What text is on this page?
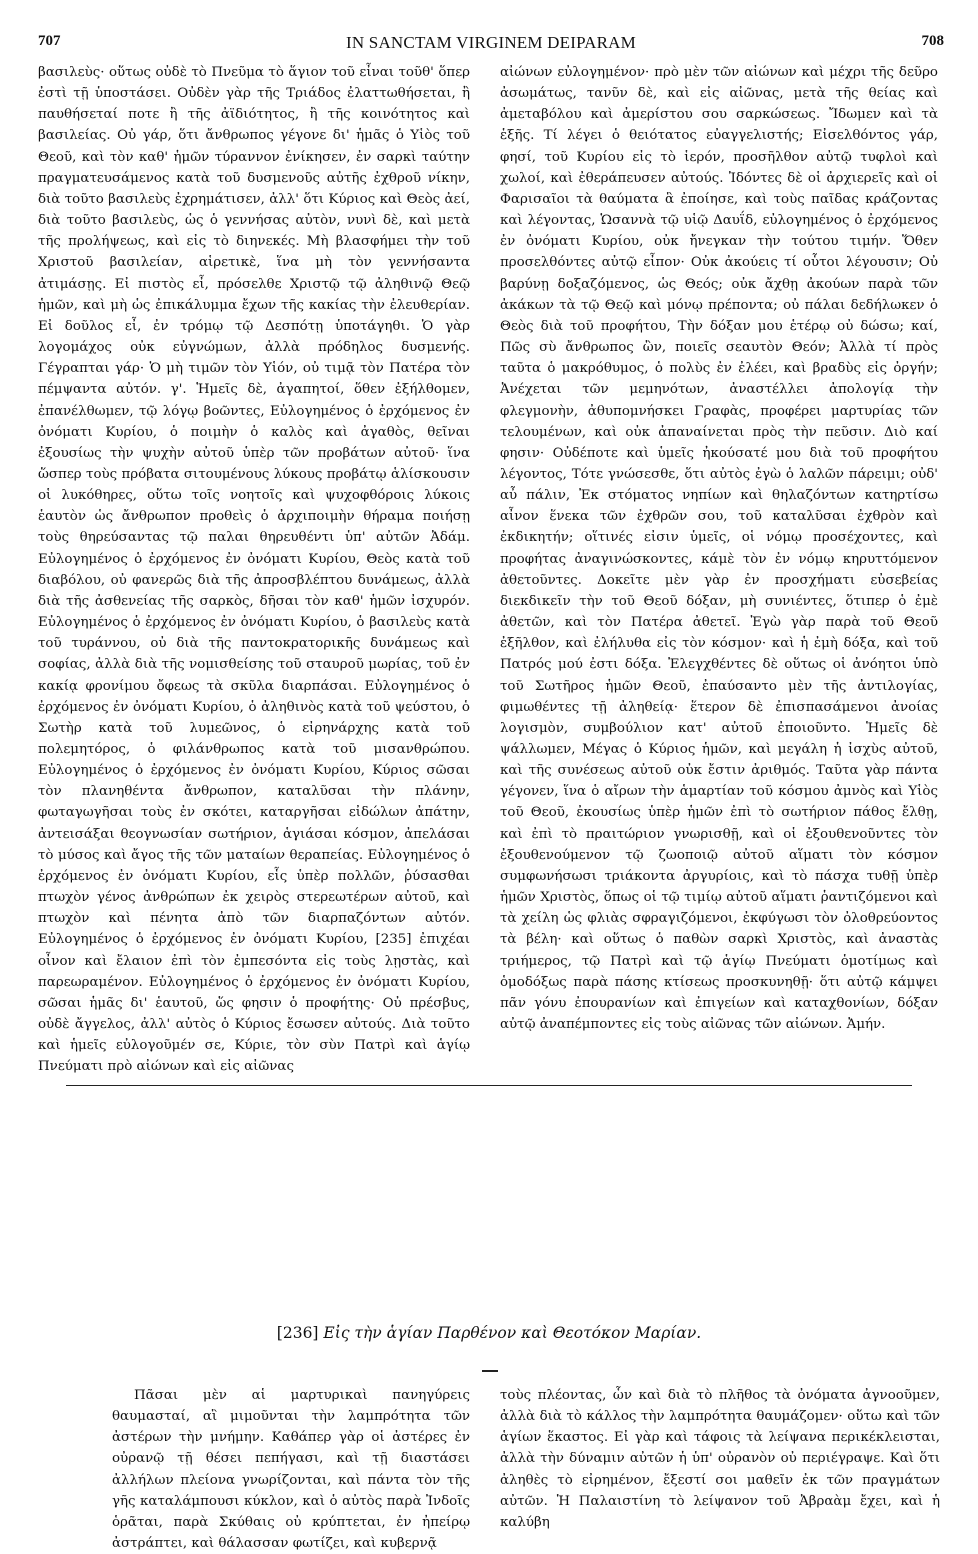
707	IN SANCTAM VIRGINEM DEIPARAM	708

βασιλεὺς· οὕτως οὐδὲ τὸ Πνεῦμα τὸ ἅγιον τοῦ εἶναι τοῦθ' ὅπερ ἐστὶ τῇ ὑποστάσει. Οὐδὲν γὰρ τῆς Τριάδος ἐλαττωθήσεται, ἢ παυθήσεταί ποτε ἢ τῆς ἀϊδιότητος, ἢ τῆς κοινότητος καὶ βασιλείας. Οὐ γάρ, ὅτι ἄνθρωπος γέγονε δι' ἡμᾶς ὁ Υἱὸς τοῦ Θεοῦ, καὶ τὸν καθ' ἡμῶν τύραννον ἐνίκησεν, ἐν σαρκὶ ταύτην πραγματευσάμενος κατὰ τοῦ δυσμενοῦς αὐτῆς ἐχθροῦ νίκην, διὰ τοῦτο βασιλεὺς ἐχρημάτισεν, ἀλλ' ὅτι Κύριος καὶ Θεὸς ἀεί, διὰ τοῦτο βασιλεὺς, ὡς ὁ γεννήσας αὐτὸν, νυνὶ δὲ, καὶ μετὰ τῆς προλήψεως, καὶ εἰς τὸ διηνεκές. Μὴ βλασφήμει τὴν τοῦ Χριστοῦ βασιλείαν, αἱρετικὲ, ἵνα μὴ τὸν γεννήσαντα ἀτιμάσῃς. Εἰ πιστὸς εἶ, πρόσελθε Χριστῷ τῷ ἀληθινῷ Θεῷ ἡμῶν, καὶ μὴ ὡς ἐπικάλυμμα ἔχων τῆς κακίας τὴν ἐλευθερίαν. Εἰ δοῦλος εἶ, ἐν τρόμῳ τῷ Δεσπότῃ ὑποτάγηθι. Ὁ γὰρ λογομάχος οὐκ εὐγνώμων, ἀλλὰ πρόδηλος δυσμενής. Γέγραπται γάρ· Ὁ μὴ τιμῶν τὸν Υἱόν, οὐ τιμᾷ τὸν Πατέρα τὸν πέμψαντα αὐτόν. γ'. Ἡμεῖς δὲ, ἀγαπητοί, ὅθεν ἐξήλθομεν, ἐπανέλθωμεν, τῷ λόγῳ βοῶντες, Εὐλογημένος ὁ ἐρχόμενος ἐν ὀνόματι Κυρίου, ὁ ποιμὴν ὁ καλὸς καὶ ἀγαθὸς, θεῖναι ἐξουσίως τὴν ψυχὴν αὐτοῦ ὑπὲρ τῶν προβάτων αὐτοῦ· ἵνα ὥσπερ τοὺς πρόβατα σιτουμένους λύκους προβάτῳ ἁλίσκουσιν οἱ λυκόθηρες, οὕτω τοῖς νοητοῖς καὶ ψυχοφθόροις λύκοις ἑαυτὸν ὡς ἄνθρωπον προθεὶς ὁ ἀρχιποιμὴν θήραμα ποιήσῃ τοὺς θηρεύσαντας τῷ παλαι θηρευθέντι ὑπ' αὐτῶν Ἀδάμ. Εὐλογημένος ὁ ἐρχόμενος ἐν ὀνόματι Κυρίου, Θεὸς κατὰ τοῦ διαβόλου, οὐ φανερῶς διὰ τῆς ἀπροσβλέπτου δυνάμεως, ἀλλὰ διὰ τῆς ἀσθενείας τῆς σαρκὸς, δῆσαι τὸν καθ' ἡμῶν ἰσχυρόν. Εὐλογημένος ὁ ἐρχόμενος ἐν ὀνόματι Κυρίου, ὁ βασιλεὺς κατὰ τοῦ τυράννου, οὐ διὰ τῆς παντοκρατορικῆς δυνάμεως καὶ σοφίας, ἀλλὰ διὰ τῆς νομισθείσης τοῦ σταυροῦ μωρίας, τοῦ ἐν κακίᾳ φρονίμου ὄφεως τὰ σκῦλα διαρπάσαι. Εὐλογημένος ὁ ἐρχόμενος ἐν ὀνόματι Κυρίου, ὁ ἀληθινὸς κατὰ τοῦ ψεύστου, ὁ Σωτὴρ κατὰ τοῦ λυμεῶνος, ὁ εἰρηνάρχης κατὰ τοῦ πολεμητόρος, ὁ φιλάνθρωπος κατὰ τοῦ μισανθρώπου. Εὐλογημένος ὁ ἐρχόμενος ἐν ὀνόματι Κυρίου, Κύριος σῶσαι τὸν πλανηθέντα ἄνθρωπον, καταλῦσαι τὴν πλάνην, φωταγωγῆσαι τοὺς ἐν σκότει, καταργῆσαι εἰδώλων ἀπάτην, ἀντεισάξαι θεογνωσίαν σωτήριον, ἁγιάσαι κόσμον, ἀπελάσαι τὸ μύσος καὶ ἄγος τῆς τῶν ματαίων θεραπείας. Εὐλογημένος ὁ ἐρχόμενος ἐν ὀνόματι Κυρίου, εἷς ὑπὲρ πολλῶν, ῥύσασθαι πτωχὸν γένος ἀνθρώπων ἐκ χειρὸς στερεωτέρων αὐτοῦ, καὶ πτωχὸν καὶ πένητα ἀπὸ τῶν διαρπαζόντων αὐτόν. Εὐλογημένος ὁ ἐρχόμενος ἐν ὀνόματι Κυρίου, [235] ἐπιχέαι οἶνον καὶ ἔλαιον ἐπὶ τὸν ἐμπεσόντα εἰς τοὺς λῃστὰς, καὶ παρεωραμένον. Εὐλογημένος ὁ ἐρχόμενος ἐν ὀνόματι Κυρίου, σῶσαι ἡμᾶς δι' ἑαυτοῦ, ὥς φησιν ὁ προφήτης· Οὐ πρέσβυς, οὐδὲ ἄγγελος, ἀλλ' αὐτὸς ὁ Κύριος ἔσωσεν αὐτούς. Διὰ τοῦτο καὶ ἡμεῖς εὐλογοῦμέν σε, Κύριε, τὸν σὺν Πατρὶ καὶ ἁγίῳ Πνεύματι πρὸ αἰώνων καὶ εἰς αἰῶνας

αἰώνων εὐλογημένον· πρὸ μὲν τῶν αἰώνων καὶ μέχρι τῆς δεῦρο ἀσωμάτως, τανῦν δὲ, καὶ εἰς αἰῶνας, μετὰ τῆς θείας καὶ ἀμεταβόλου καὶ ἀμερίστου σου σαρκώσεως. Ἴδωμεν καὶ τὰ ἑξῆς. Τί λέγει ὁ θειότατος εὐαγγελιστής; Εἰσελθόντος γάρ, φησί, τοῦ Κυρίου εἰς τὸ ἱερόν, προσῆλθον αὐτῷ τυφλοὶ καὶ χωλοί, καὶ ἐθεράπευσεν αὐτούς. Ἰδόντες δὲ οἱ ἀρχιερεῖς καὶ οἱ Φαρισαῖοι τὰ θαύματα ἃ ἐποίησε, καὶ τοὺς παῖδας κράζοντας καὶ λέγοντας, Ὡσαννὰ τῷ υἱῷ Δαυΐδ, εὐλογημένος ὁ ἐρχόμενος ἐν ὀνόματι Κυρίου, οὐκ ἤνεγκαν τὴν τούτου τιμήν. Ὅθεν προσελθόντες αὐτῷ εἶπον· Οὐκ ἀκούεις τί οὗτοι λέγουσιν; Οὐ βαρύνῃ δοξαζόμενος, ὡς Θεός; οὐκ ἄχθῃ ἀκούων παρὰ τῶν ἀκάκων τὰ τῷ Θεῷ καὶ μόνῳ πρέποντα; οὐ πάλαι δεδήλωκεν ὁ Θεὸς διὰ τοῦ προφήτου, Τὴν δόξαν μου ἑτέρῳ οὐ δώσω; καί, Πῶς σὺ ἄνθρωπος ὢν, ποιεῖς σεαυτὸν Θεόν; Ἀλλὰ τί πρὸς ταῦτα ὁ μακρόθυμος, ὁ πολὺς ἐν ἐλέει, καὶ βραδὺς εἰς ὀργήν; Ἀνέχεται τῶν μεμηνότων, ἀναστέλλει ἀπολογίᾳ τὴν φλεγμονὴν, ἀθυπομνήσκει Γραφὰς, προφέρει μαρτυρίας τῶν τελουμένων, καὶ οὐκ ἀπαναίνεται πρὸς τὴν πεῦσιν. Διὸ καί φησιν· Οὐδέποτε καὶ ὑμεῖς ἠκούσατέ μου διὰ τοῦ προφήτου λέγοντος, Τότε γνώσεσθε, ὅτι αὐτὸς ἐγὼ ὁ λαλῶν πάρειμι; οὐδ' αὖ πάλιν, Ἐκ στόματος νηπίων καὶ θηλαζόντων κατηρτίσω αἶνον ἕνεκα τῶν ἐχθρῶν σου, τοῦ καταλῦσαι ἐχθρὸν καὶ ἐκδικητήν; οἵτινές εἰσιν ὑμεῖς, οἱ νόμῳ προσέχοντες, καὶ προφήτας ἀναγινώσκοντες, κάμὲ τὸν ἐν νόμῳ κηρυττόμενον ἀθετοῦντες. Δοκεῖτε μὲν γὰρ ἐν προσχήματι εὐσεβείας διεκδικεῖν τὴν τοῦ Θεοῦ δόξαν, μὴ συνιέντες, ὅτιπερ ὁ ἐμὲ ἀθετῶν, καὶ τὸν Πατέρα ἀθετεῖ. Ἐγὼ γὰρ παρὰ τοῦ Θεοῦ ἐξῆλθον, καὶ ἐλήλυθα εἰς τὸν κόσμον· καὶ ἡ ἐμὴ δόξα, καὶ τοῦ Πατρός μού ἐστι δόξα. Ἐλεγχθέντες δὲ οὕτως οἱ ἀνόητοι ὑπὸ τοῦ Σωτῆρος ἡμῶν Θεοῦ, ἐπαύσαντο μὲν τῆς ἀντιλογίας, φιμωθέντες τῇ ἀληθείᾳ· ἕτερον δὲ ἐπισπασάμενοι ἀνοίας λογισμὸν, συμβούλιον κατ' αὐτοῦ ἐποιοῦντο. Ἡμεῖς δὲ ψάλλωμεν, Μέγας ὁ Κύριος ἡμῶν, καὶ μεγάλη ἡ ἰσχὺς αὐτοῦ, καὶ τῆς συνέσεως αὐτοῦ οὐκ ἔστιν ἀριθμός. Ταῦτα γὰρ πάντα γέγονεν, ἵνα ὁ αἴρων τὴν ἁμαρτίαν τοῦ κόσμου ἀμνὸς καὶ Υἱὸς τοῦ Θεοῦ, ἐκουσίως ὑπὲρ ἡμῶν ἐπὶ τὸ σωτήριον πάθος ἔλθῃ, καὶ ἐπὶ τὸ πραιτώριον γνωρισθῇ, καὶ οἱ ἐξουθενοῦντες τὸν ἐξουθενούμενον τῷ ζωοποιῷ αὐτοῦ αἵματι τὸν κόσμον συμφωνήσωσι τριάκοντα ἀργυρίοις, καὶ τὸ πάσχα τυθῇ ὑπὲρ ἡμῶν Χριστὸς, ὅπως οἱ τῷ τιμίῳ αὐτοῦ αἵματι ῥαντιζόμενοι καὶ τὰ χείλη ὡς φλιὰς σφραγιζόμενοι, ἐκφύγωσι τὸν ὀλοθρεύοντος τὰ βέλη· καὶ οὕτως ὁ παθὼν σαρκὶ Χριστὸς, καὶ ἀναστὰς τριήμερος, τῷ Πατρὶ καὶ τῷ ἁγίῳ Πνεύματι ὁμοτίμως καὶ ὁμοδόξως παρὰ πάσης κτίσεως προσκυνηθῇ· ὅτι αὐτῷ κάμψει πᾶν γόνυ ἐπουρανίων καὶ ἐπιγείων καὶ καταχθονίων, δόξαν αὐτῷ ἀναπέμποντες εἰς τοὺς αἰῶνας τῶν αἰώνων. Ἀμήν.

[236] Εἰς τὴν ἁγίαν Παρθένον καὶ Θεοτόκον Μαρίαν.

Πᾶσαι μὲν αἱ μαρτυρικαὶ πανηγύρεις θαυμασταί, αἳ μιμοῦνται τὴν λαμπρότητα τῶν ἀστέρων τὴν μνήμην. Καθάπερ γὰρ οἱ ἀστέρες ἐν οὐρανῷ τῇ θέσει πεπήγασι, καὶ τῇ διαστάσει ἀλλήλων πλείονα γνωρίζονται, καὶ πάντα τὸν τῆς γῆς καταλάμπουσι κύκλον, καὶ ὁ αὐτὸς παρὰ Ἰνδοῖς ὁρᾶται, παρὰ Σκύθαις οὐ κρύπτεται, ἐν ἠπείρῳ ἀστράπτει, καὶ θάλασσαν φωτίζει, καὶ κυβερνᾷ

τοὺς πλέοντας, ὧν καὶ διὰ τὸ πλῆθος τὰ ὀνόματα ἀγνοοῦμεν, ἀλλὰ διὰ τὸ κάλλος τὴν λαμπρότητα θαυμάζομεν· οὕτω καὶ τῶν ἁγίων ἕκαστος. Εἰ γὰρ καὶ τάφοις τὰ λείψανα περικέκλεισται, ἀλλὰ τὴν δύναμιν αὐτῶν ἡ ὑπ' οὐρανὸν οὐ περιέγραψε. Καὶ ὅτι ἀληθὲς τὸ εἰρημένον, ἔξεστί σοι μαθεῖν ἐκ τῶν πραγμάτων αὐτῶν. Ἡ Παλαιστίνη τὸ λείψανον τοῦ Ἀβραὰμ ἔχει, καὶ ἡ καλύβη
